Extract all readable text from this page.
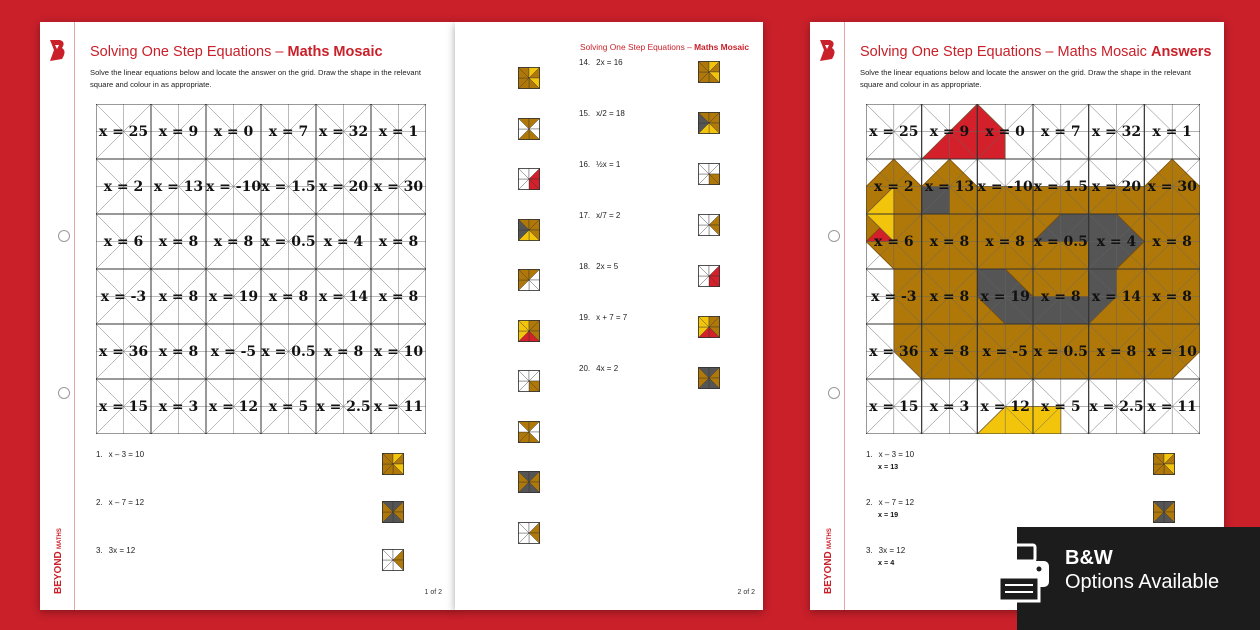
BEYOND
MATHS
Solving One Step Equations – Maths Mosaic
Solve the linear equations below and locate the answer on the grid. Draw the shape in the relevant square and colour in as appropriate.
x = 25 x = 9 x = 0 x = 7 x = 32 x = 1
x = 2 x = 13 x = -10 x = 1.5 x = 20 x = 30
x = 6 x = 8 x = 8 x = 0.5 x = 4 x = 8
x = -3 x = 8 x = 19 x = 8 x = 14 x = 8
x = 36 x = 8 x = -5 x = 0.5 x = 8 x = 10
x = 15 x = 3 x = 12 x = 5 x = 2.5 x = 11
1. x – 3 = 10
2. x – 7 = 12
3. 3x = 12
1 of 2
Solving One Step Equations – Maths Mosaic
14. 2x = 16
15. x/2 = 18
16. ½x = 1
17. x/7 = 2
18. 2x = 5
19. x + 7 = 7
20. 4x = 2
2 of 2	BEYOND
MATHS
Solving One Step Equations – Maths Mosaic Answers
Solve the linear equations below and locate the answer on the grid. Draw the shape in the relevant square and colour in as appropriate.
x = 25 x = 9 x = 0 x = 7 x = 32 x = 1
x = 2 x = 13 x = -10 x = 1.5 x = 20 x = 30
x = 6 x = 8 x = 8 x = 0.5 x = 4 x = 8
x = -3 x = 8 x = 19 x = 8 x = 14 x = 8
x = 36 x = 8 x = -5 x = 0.5 x = 8 x = 10
x = 15 x = 3 x = 12 x = 5 x = 2.5 x = 11
1. x – 3 = 10
x = 13
2. x – 7 = 12
x = 19
3. 3x = 12
x = 4	B&W
Options Available
